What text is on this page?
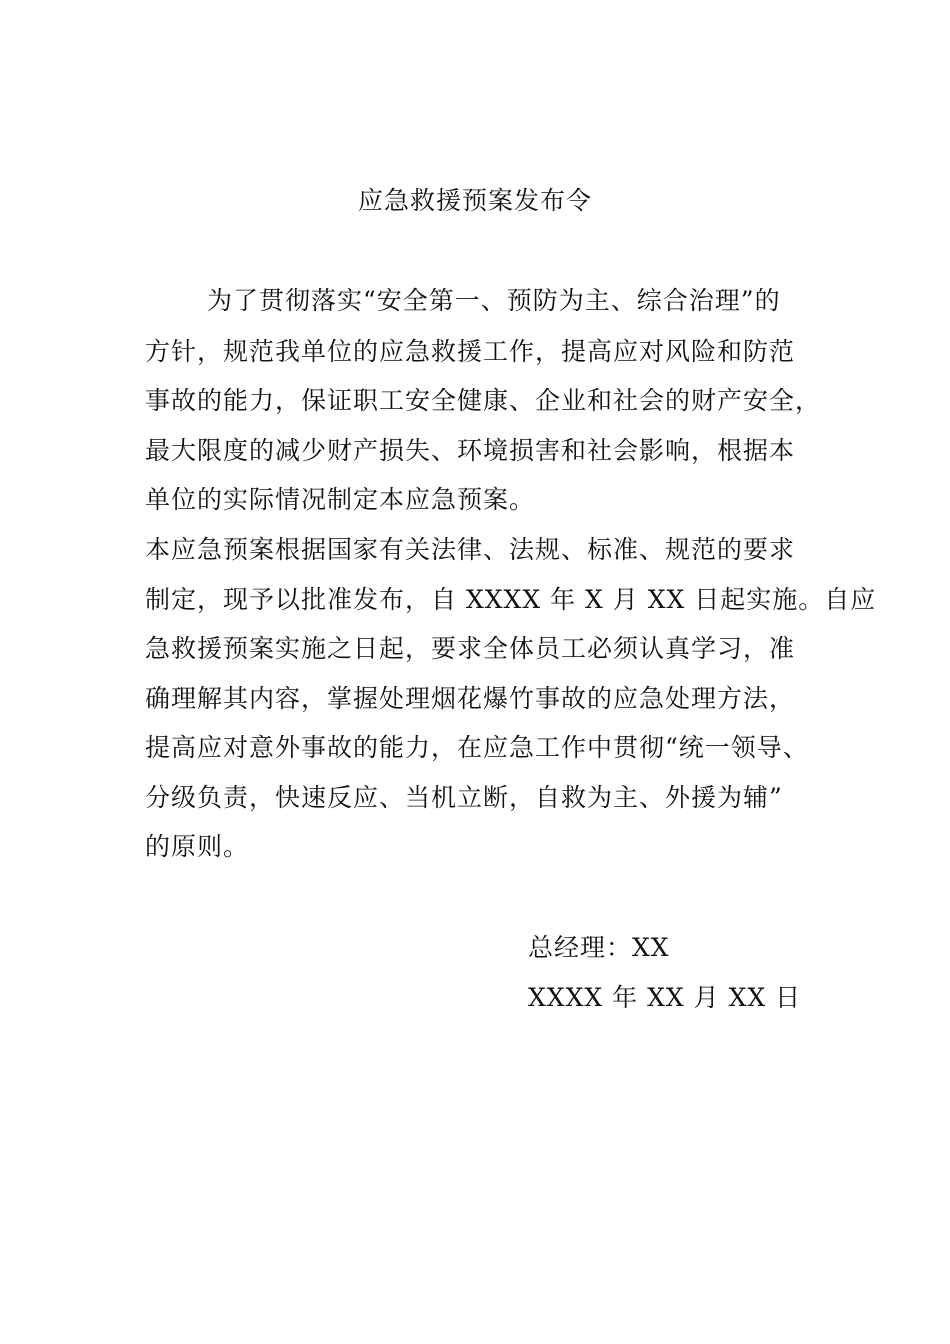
应急救援预案发布令
为了贯彻落实“安全第一、预防为主、综合治理”的
方针，规范我单位的应急救援工作，提高应对风险和防范
事故的能力，保证职工安全健康、企业和社会的财产安全，
最大限度的减少财产损失、环境损害和社会影响，根据本
单位的实际情况制定本应急预案。
本应急预案根据国家有关法律、法规、标准、规范的要求
制定，现予以批准发布，自 XXXX 年 X 月 XX 日起实施。自应
急救援预案实施之日起，要求全体员工必须认真学习，准
确理解其内容，掌握处理烟花爆竹事故的应急处理方法，
提高应对意外事故的能力，在应急工作中贯彻“统一领导、
分级负责，快速反应、当机立断，自救为主、外援为辅”
的原则。
总经理：XX
XXXX 年 XX 月 XX 日
